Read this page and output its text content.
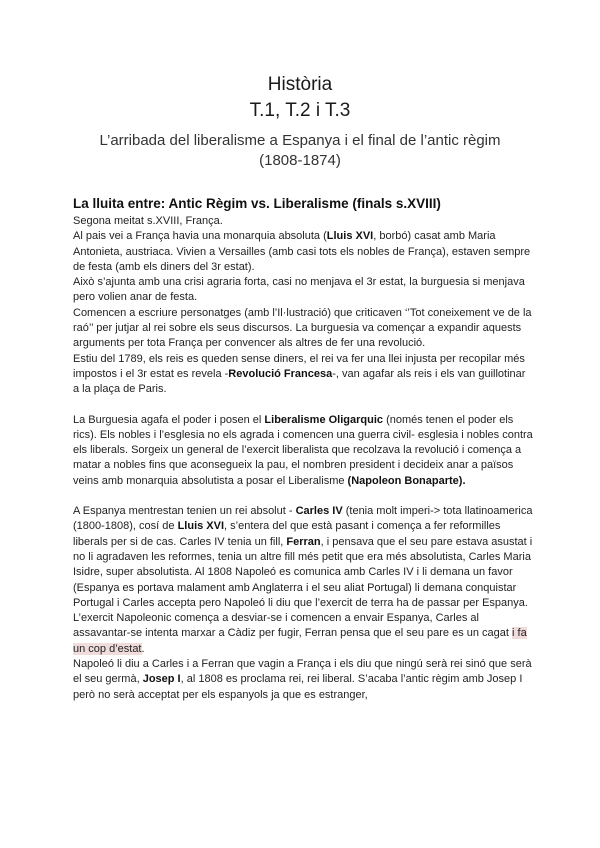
Història
T.1, T.2 i T.3
L’arribada del liberalisme a Espanya i el final de l’antic règim
(1808-1874)
La lluita entre: Antic Règim vs. Liberalisme (finals s.XVIII)

Segona meitat s.XVIII, França.

Al pais vei a França havia una monarquia absoluta (Lluis XVI, borbó) casat amb Maria Antonieta, austriaca. Vivien a Versailles (amb casi tots els nobles de França), estaven sempre de festa (amb els diners del 3r estat).

Això s’ajunta amb una crisi agraria forta, casi no menjava el 3r estat, la burguesia si menjava pero volien anar de festa.

Comencen a escriure personatges (amb l’Il·lustració) que criticaven ‘’Tot coneixement ve de la raó’’ per jutjar al rei sobre els seus discursos. La burguesia va començar a expandir aquests arguments per tota França per convencer als altres de fer una revolució.

Estiu del 1789, els reis es queden sense diners, el rei va fer una llei injusta per recopilar més impostos i el 3r estat es revela -Revolució Francesa-, van agafar als reis i els van guillotinar a la plaça de Paris.

La Burguesia agafa el poder i posen el Liberalisme Oligarquic (només tenen el poder els rics). Els nobles i l’esglesia no els agrada i comencen una guerra civil- esglesia i nobles contra els liberals. Sorgeix un general de l’exercit liberalista que recolzava la revolució i comença a matar a nobles fins que aconsegueix la pau, el nombren president i decideix anar a països veins amb monarquia absolutista a posar el Liberalisme (Napoleon Bonaparte).

A Espanya mentrestan tenien un rei absolut - Carles IV (tenia molt imperi-> tota llatinoamerica (1800-1808), cosí de Lluis XVI, s’entera del que està pasant i comença a fer reformilles liberals per si de cas. Carles IV tenia un fill, Ferran, i pensava que el seu pare estava asustat i no li agradaven les reformes, tenia un altre fill més petit que era més absolutista, Carles Maria Isidre, super absolutista. Al 1808 Napoleó es comunica amb Carles IV i li demana un favor (Espanya es portava malament amb Anglaterra i el seu aliat Portugal) li demana conquistar Portugal i Carles accepta pero Napoleó li diu que l’exercit de terra ha de passar per Espanya.

L’exercit Napoleonic comença a desviar-se i comencen a envair Espanya, Carles al assavantar-se intenta marxar a Càdiz per fugir, Ferran pensa que el seu pare es un cagat i fa un cop d’estat.

Napoleó li diu a Carles i a Ferran que vagin a França i els diu que ningú serà rei sinó que serà el seu germà, Josep I, al 1808 es proclama rei, rei liberal. S’acaba l’antic règim amb Josep I però no serà acceptat per els espanyols ja que es estranger,
